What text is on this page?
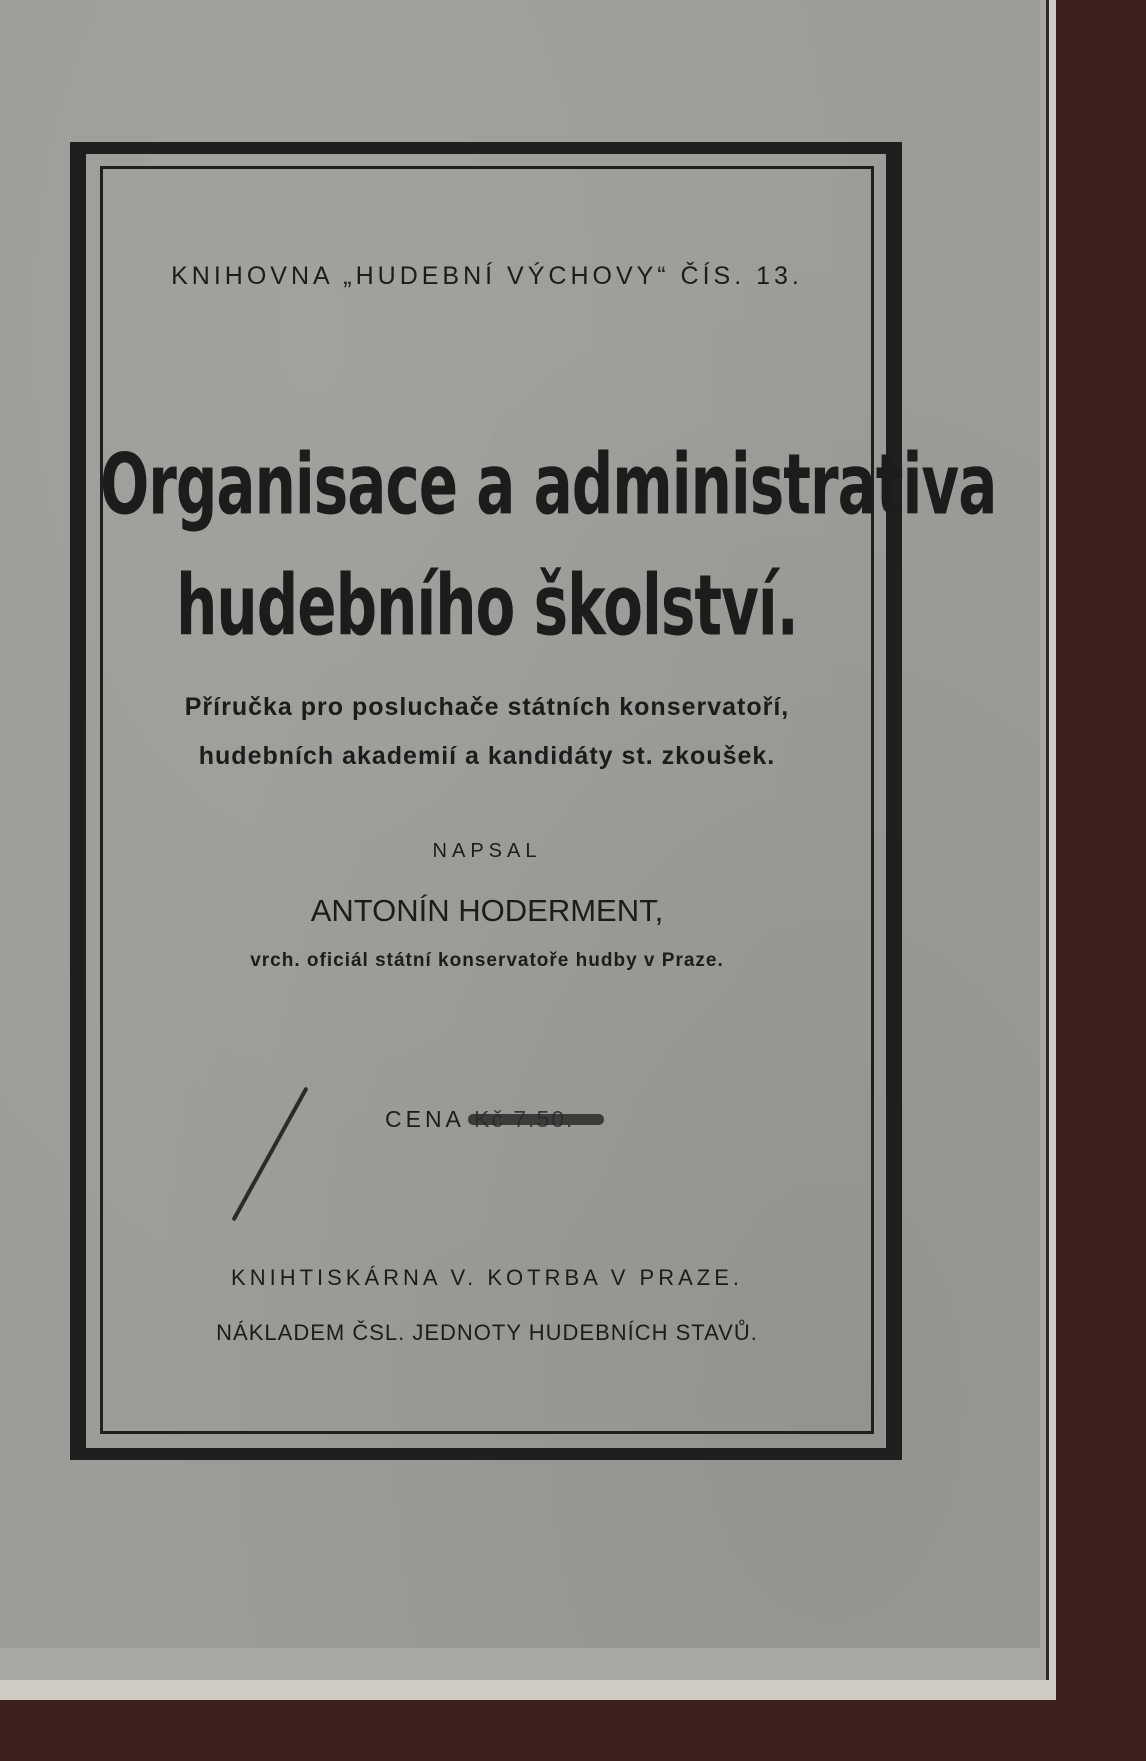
KNIHOVNA „HUDEBNÍ VÝCHOVY“ ČÍS. 13.
Organisace a administrativa
hudebního školství.
Příručka pro posluchače státních konservatoří,
hudebních akademií a kandidáty st. zkoušek.
NAPSAL
ANTONÍN HODERMENT,
vrch. oficiál státní konservatoře hudby v Praze.
CENA
KNIHTISKÁRNA V. KOTRBA V PRAZE.
NÁKLADEM ČSL. JEDNOTY HUDEBNÍCH STAVŮ.
